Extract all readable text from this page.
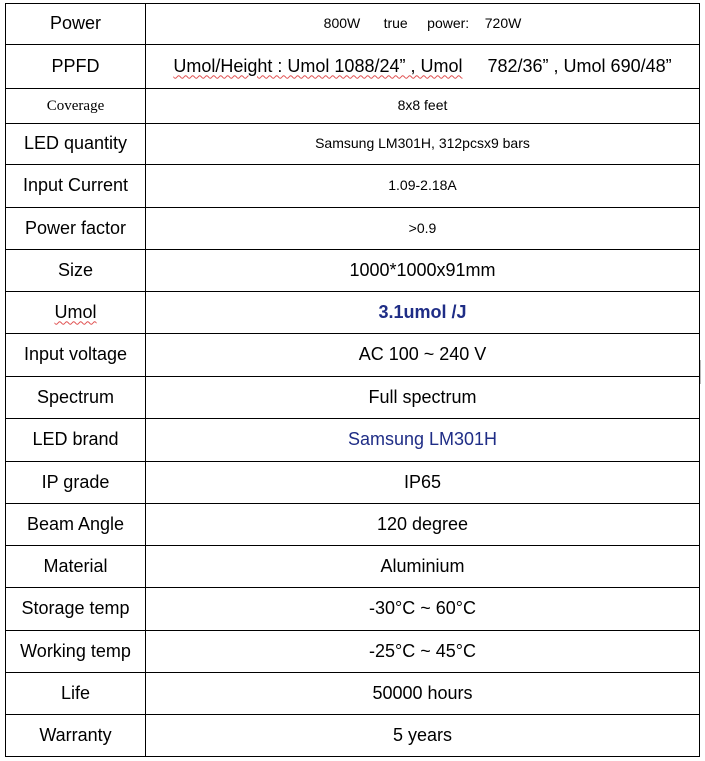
Power	800W true power: 720W
PPFD	Umol/Height : Umol 1088/24” , Umol 782/36” , Umol 690/48”
Coverage	8x8 feet
LED quantity	Samsung LM301H, 312pcsx9 bars
Input Current	1.09-2.18A
Power factor	>0.9
Size	1000*1000x91mm
Umol	3.1umol /J
Input voltage	AC 100 ~ 240 V
Spectrum	Full spectrum
LED brand	Samsung LM301H
IP grade	IP65
Beam Angle	120 degree
Material	Aluminium
Storage temp	-30°C ~ 60°C
Working temp	-25°C ~ 45°C
Life	50000 hours
Warranty	5 years
